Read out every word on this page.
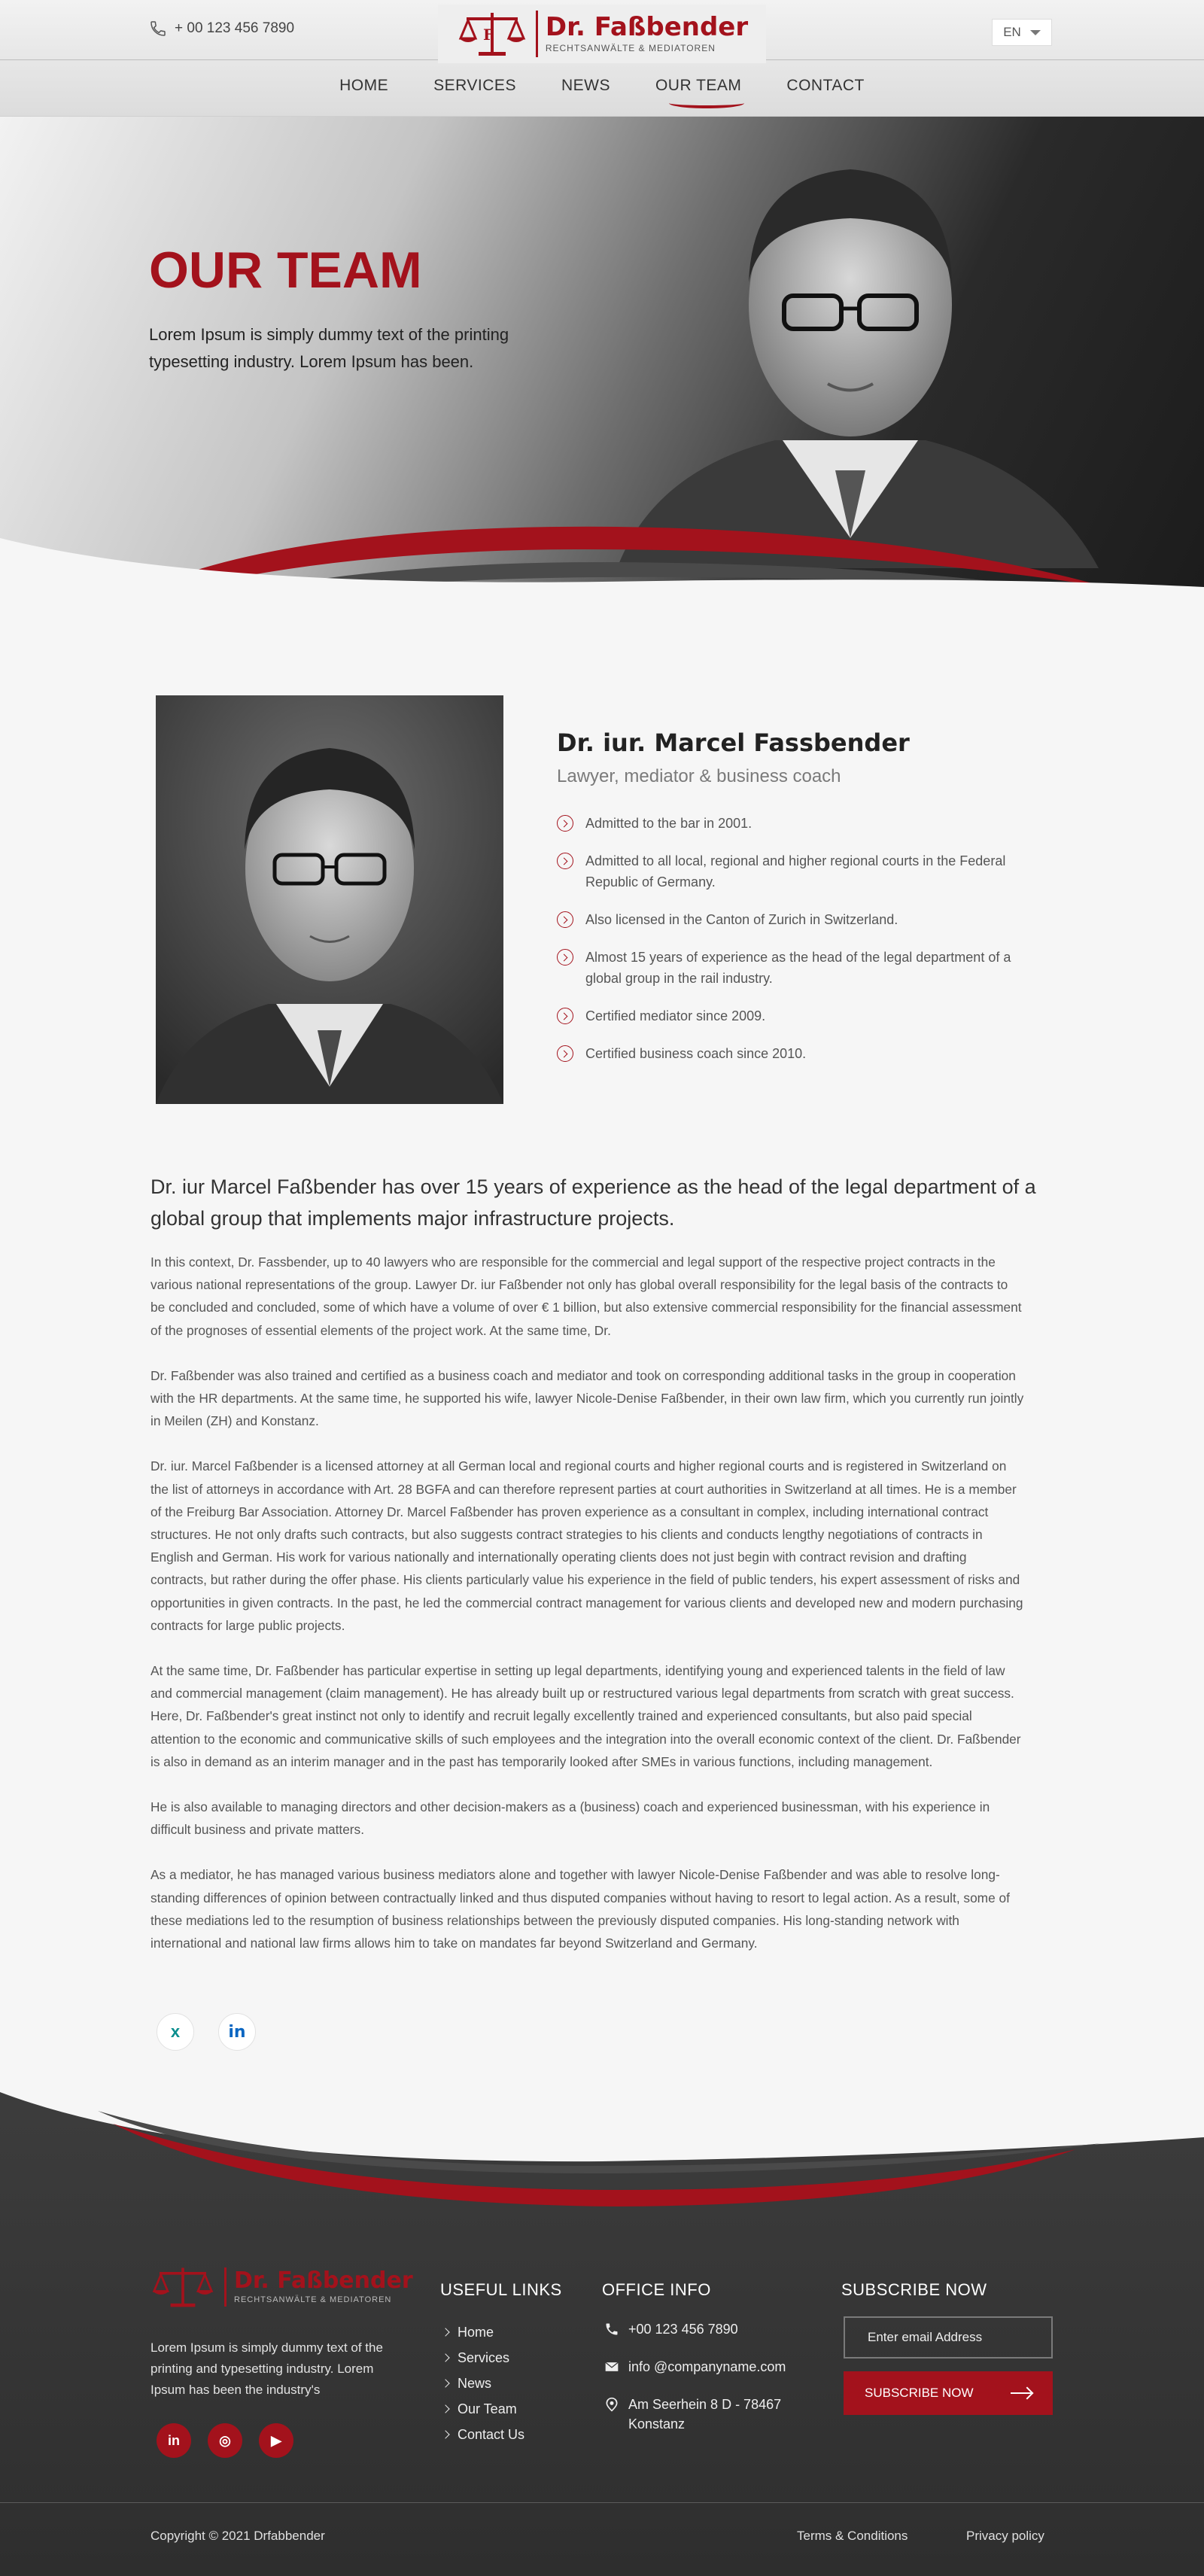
+ 00 123 456 7890	F Dr. Faßbender
RECHTSANWÄLTE & MEDIATOREN
EN
HOME	SERVICES	NEWS	OUR TEAM	CONTACT
OUR TEAM

Lorem Ipsum is simply dummy text of the printing typesetting industry. Lorem Ipsum has been.

Dr. iur. Marcel Fassbender
Lawyer, mediator & business coach
Admitted to the bar in 2001.
Admitted to all local, regional and higher regional courts in the Federal Republic of Germany.
Also licensed in the Canton of Zurich in Switzerland.
Almost 15 years of experience as the head of the legal department of a global group in the rail industry.
Certified mediator since 2009.
Certified business coach since 2010.

Dr. iur Marcel Faßbender has over 15 years of experience as the head of the legal department of a global group that implements major infrastructure projects.

In this context, Dr. Fassbender, up to 40 lawyers who are responsible for the commercial and legal support of the respective project contracts in the various national representations of the group. Lawyer Dr. iur Faßbender not only has global overall responsibility for the legal basis of the contracts to be concluded and concluded, some of which have a volume of over € 1 billion, but also extensive commercial responsibility for the financial assessment of the prognoses of essential elements of the project work. At the same time, Dr.

Dr. Faßbender was also trained and certified as a business coach and mediator and took on corresponding additional tasks in the group in cooperation with the HR departments. At the same time, he supported his wife, lawyer Nicole-Denise Faßbender, in their own law firm, which you currently run jointly in Meilen (ZH) and Konstanz.

Dr. iur. Marcel Faßbender is a licensed attorney at all German local and regional courts and higher regional courts and is registered in Switzerland on the list of attorneys in accordance with Art. 28 BGFA and can therefore represent parties at court authorities in Switzerland at all times. He is a member of the Freiburg Bar Association. Attorney Dr. Marcel Faßbender has proven experience as a consultant in complex, including international contract structures. He not only drafts such contracts, but also suggests contract strategies to his clients and conducts lengthy negotiations of contracts in English and German. His work for various nationally and internationally operating clients does not just begin with contract revision and drafting contracts, but rather during the offer phase. His clients particularly value his experience in the field of public tenders, his expert assessment of risks and opportunities in given contracts. In the past, he led the commercial contract management for various clients and developed new and modern purchasing contracts for large public projects.

At the same time, Dr. Faßbender has particular expertise in setting up legal departments, identifying young and experienced talents in the field of law and commercial management (claim management). He has already built up or restructured various legal departments from scratch with great success. Here, Dr. Faßbender's great instinct not only to identify and recruit legally excellently trained and experienced consultants, but also paid special attention to the economic and communicative skills of such employees and the integration into the overall economic context of the client. Dr. Faßbender is also in demand as an interim manager and in the past has temporarily looked after SMEs in various functions, including management.

He is also available to managing directors and other decision-makers as a (business) coach and experienced businessman, with his experience in difficult business and private matters.

As a mediator, he has managed various business mediators alone and together with lawyer Nicole-Denise Faßbender and was able to resolve long-standing differences of opinion between contractually linked and thus disputed companies without having to resort to legal action. As a result, some of these mediations led to the resumption of business relationships between the previously disputed companies. His long-standing network with international and national law firms allows him to take on mandates far beyond Switzerland and Germany.

x	in
Dr. Faßbender
RECHTSANWÄLTE & MEDIATOREN

Lorem Ipsum is simply dummy text of the printing and typesetting industry. Lorem Ipsum has been the industry's

in	◎	▶
USEFUL LINKS
Home
Services
News
Our Team
Contact Us
OFFICE INFO
+00 123 456 7890
info @companyname.com
Am Seerhein 8 D - 78467
Konstanz
SUBSCRIBE NOW
Enter email Address
SUBSCRIBE NOW
Copyright © 2021 Drfabbender	Terms & Conditions	Privacy policy
